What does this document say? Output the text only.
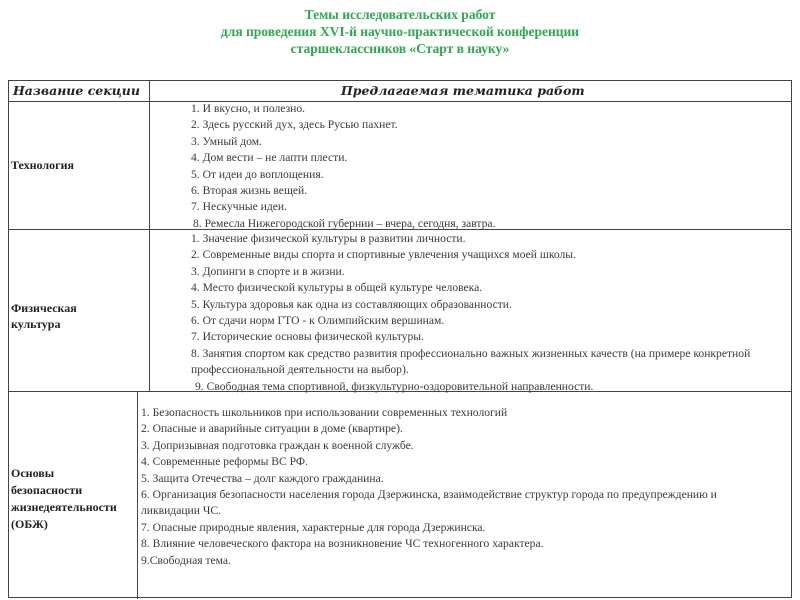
Темы исследовательских работ
для проведения XVI-й научно-практической конференции
старшеклассников «Старт в науку»
Название секции	Предлагаемая тематика работ
Технология
1. И вкусно, и полезно.
2. Здесь русский дух, здесь Русью пахнет.
3. Умный дом.
4. Дом вести – не лапти плести.
5. От идеи до воплощения.
6. Вторая жизнь вещей.
7. Нескучные идеи.
8. Ремесла Нижегородской губернии – вчера, сегодня, завтра.
Физическая
культура
1. Значение физической культуры в развитии личности.
2. Современные виды спорта и спортивные увлечения учащихся моей школы.
3. Допинги в спорте и в жизни.
4. Место физической культуры в общей культуре человека.
5. Культура здоровья как одна из составляющих образованности.
6. От сдачи норм ГТО - к Олимпийским вершинам.
7. Исторические основы физической культуры.
8. Занятия спортом как средство развития профессионально важных жизненных качеств (на примере конкретной профессиональной деятельности на выбор).
9. Свободная тема спортивной, физкультурно-оздоровительной направленности.
Основы
безопасности
жизнедеятельности
(ОБЖ)
1. Безопасность школьников при использовании современных технологий
2. Опасные и аварийные ситуации в доме (квартире).
3. Допризывная подготовка граждан к военной службе.
4. Современные реформы ВС РФ.
5. Защита Отечества – долг каждого гражданина.
6. Организация безопасности населения города Дзержинска, взаимодействие структур города по предупреждению и ликвидации ЧС.
7. Опасные природные явления, характерные для города Дзержинска.
8. Влияние человеческого фактора на возникновение ЧС техногенного характера.
9.Свободная тема.
